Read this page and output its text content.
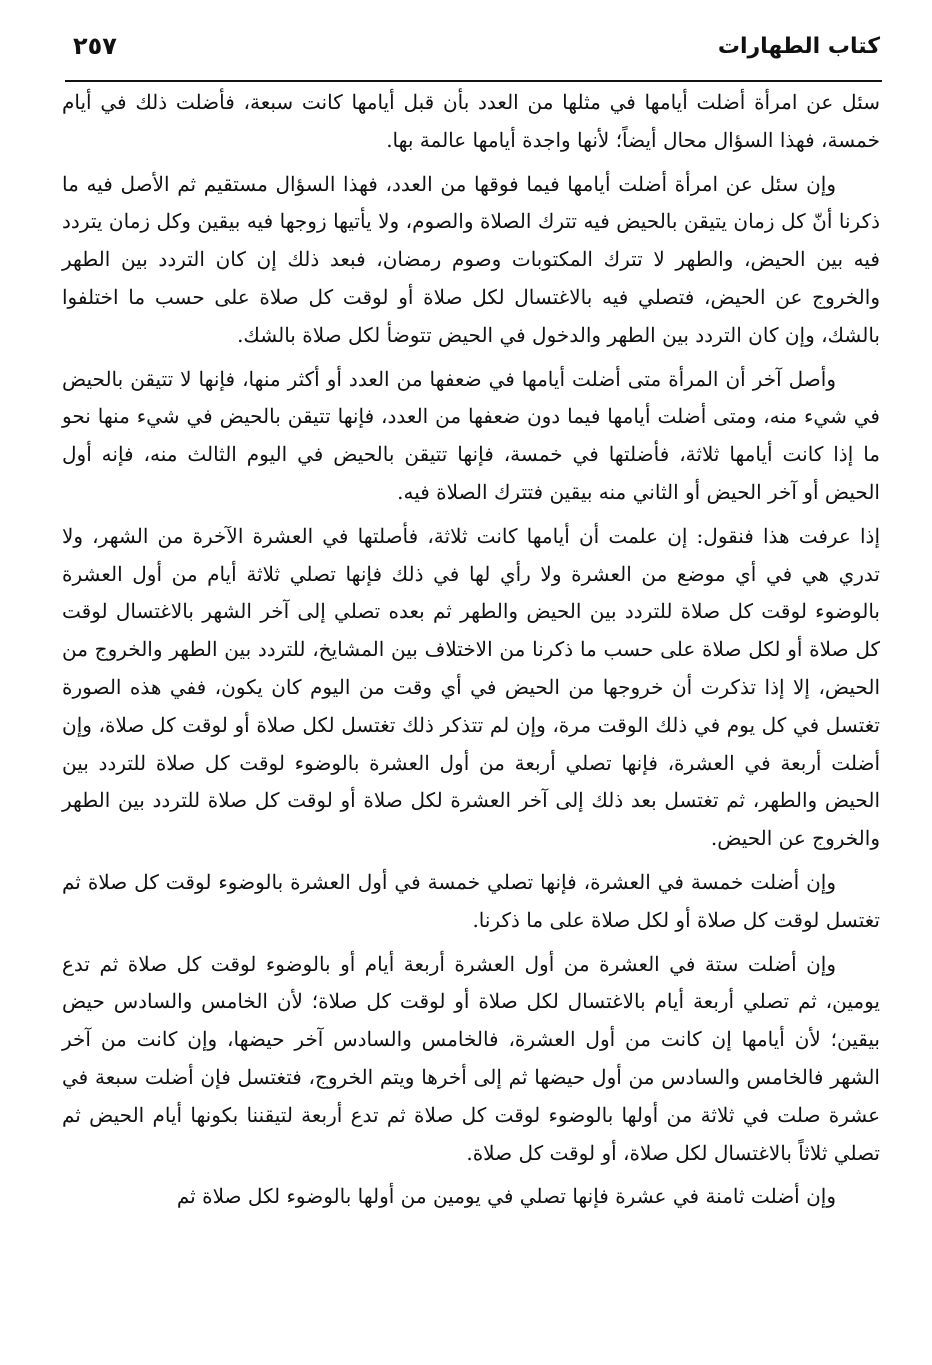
٢٥٧	كتاب الطهارات

سئل عن امرأة أضلت أيامها في مثلها من العدد بأن قبل أيامها كانت سبعة، فأضلت ذلك في أيام خمسة، فهذا السؤال محال أيضاً؛ لأنها واجدة أيامها عالمة بها.

وإن سئل عن امرأة أضلت أيامها فيما فوقها من العدد، فهذا السؤال مستقيم ثم الأصل فيه ما ذكرنا أنّ كل زمان يتيقن بالحيض فيه تترك الصلاة والصوم، ولا يأتيها زوجها فيه بيقين وكل زمان يتردد فيه بين الحيض، والطهر لا تترك المكتوبات وصوم رمضان، فبعد ذلك إن كان التردد بين الطهر والخروج عن الحيض، فتصلي فيه بالاغتسال لكل صلاة أو لوقت كل صلاة على حسب ما اختلفوا بالشك، وإن كان التردد بين الطهر والدخول في الحيض تتوضأ لكل صلاة بالشك.

وأصل آخر أن المرأة متى أضلت أيامها في ضعفها من العدد أو أكثر منها، فإنها لا تتيقن بالحيض في شيء منه، ومتى أضلت أيامها فيما دون ضعفها من العدد، فإنها تتيقن بالحيض في شيء منها نحو ما إذا كانت أيامها ثلاثة، فأضلتها في خمسة، فإنها تتيقن بالحيض في اليوم الثالث منه، فإنه أول الحيض أو آخر الحيض أو الثاني منه بيقين فتترك الصلاة فيه.

إذا عرفت هذا فنقول: إن علمت أن أيامها كانت ثلاثة، فأصلتها في العشرة الآخرة من الشهر، ولا تدري هي في أي موضع من العشرة ولا رأي لها في ذلك فإنها تصلي ثلاثة أيام من أول العشرة بالوضوء لوقت كل صلاة للتردد بين الحيض والطهر ثم بعده تصلي إلى آخر الشهر بالاغتسال لوقت كل صلاة أو لكل صلاة على حسب ما ذكرنا من الاختلاف بين المشايخ، للتردد بين الطهر والخروج من الحيض، إلا إذا تذكرت أن خروجها من الحيض في أي وقت من اليوم كان يكون، ففي هذه الصورة تغتسل في كل يوم في ذلك الوقت مرة، وإن لم تتذكر ذلك تغتسل لكل صلاة أو لوقت كل صلاة، وإن أضلت أربعة في العشرة، فإنها تصلي أربعة من أول العشرة بالوضوء لوقت كل صلاة للتردد بين الحيض والطهر، ثم تغتسل بعد ذلك إلى آخر العشرة لكل صلاة أو لوقت كل صلاة للتردد بين الطهر والخروج عن الحيض.

وإن أضلت خمسة في العشرة، فإنها تصلي خمسة في أول العشرة بالوضوء لوقت كل صلاة ثم تغتسل لوقت كل صلاة أو لكل صلاة على ما ذكرنا.

وإن أضلت ستة في العشرة من أول العشرة أربعة أيام أو بالوضوء لوقت كل صلاة ثم تدع يومين، ثم تصلي أربعة أيام بالاغتسال لكل صلاة أو لوقت كل صلاة؛ لأن الخامس والسادس حيض بيقين؛ لأن أيامها إن كانت من أول العشرة، فالخامس والسادس آخر حيضها، وإن كانت من آخر الشهر فالخامس والسادس من أول حيضها ثم إلى أخرها ويتم الخروج، فتغتسل فإن أضلت سبعة في عشرة صلت في ثلاثة من أولها بالوضوء لوقت كل صلاة ثم تدع أربعة لتيقننا بكونها أيام الحيض ثم تصلي ثلاثاً بالاغتسال لكل صلاة، أو لوقت كل صلاة.

وإن أضلت ثامنة في عشرة فإنها تصلي في يومين من أولها بالوضوء لكل صلاة ثم
